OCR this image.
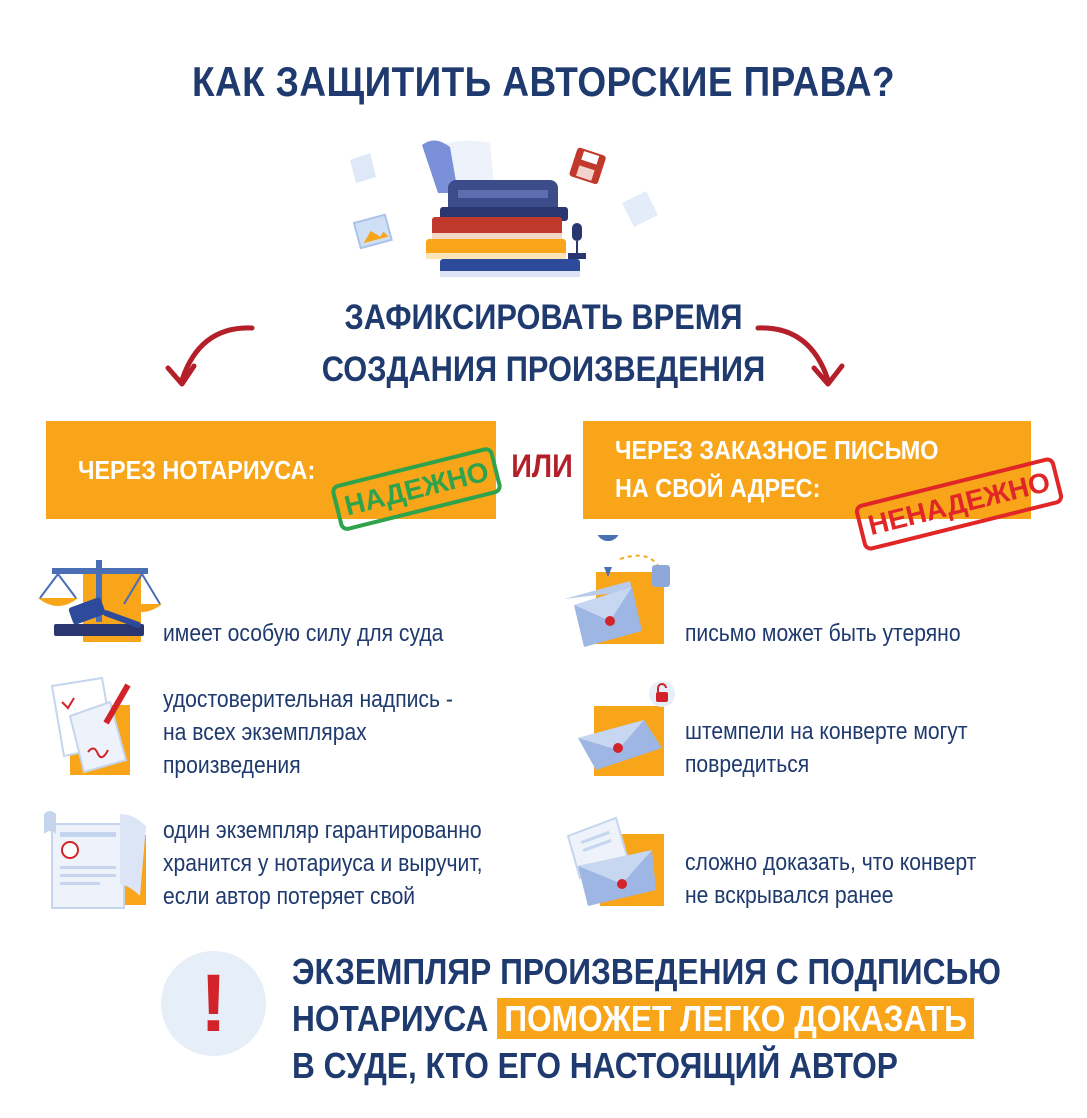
КАК ЗАЩИТИТЬ АВТОРСКИЕ ПРАВА?
ЗАФИКСИРОВАТЬ ВРЕМЯ
СОЗДАНИЯ ПРОИЗВЕДЕНИЯ
ЧЕРЕЗ НОТАРИУСА: НАДЕЖНО ИЛИ ЧЕРЕЗ ЗАКАЗНОЕ ПИСЬМО
НА СВОЙ АДРЕС:	НЕНАДЕЖНО
имеет особую силу для суда
удостоверительная надпись -
на всех экземплярах
произведения
один экземпляр гарантированно
хранится у нотариуса и выручит,
если автор потеряет свой
письмо может быть утеряно
штемпели на конверте могут
повредиться
сложно доказать, что конверт
не вскрывался ранее
!	ЭКЗЕМПЛЯР ПРОИЗВЕДЕНИЯ С ПОДПИСЬЮ
НОТАРИУСА ПОМОЖЕТ ЛЕГКО ДОКАЗАТЬ
В СУДЕ, КТО ЕГО НАСТОЯЩИЙ АВТОР
